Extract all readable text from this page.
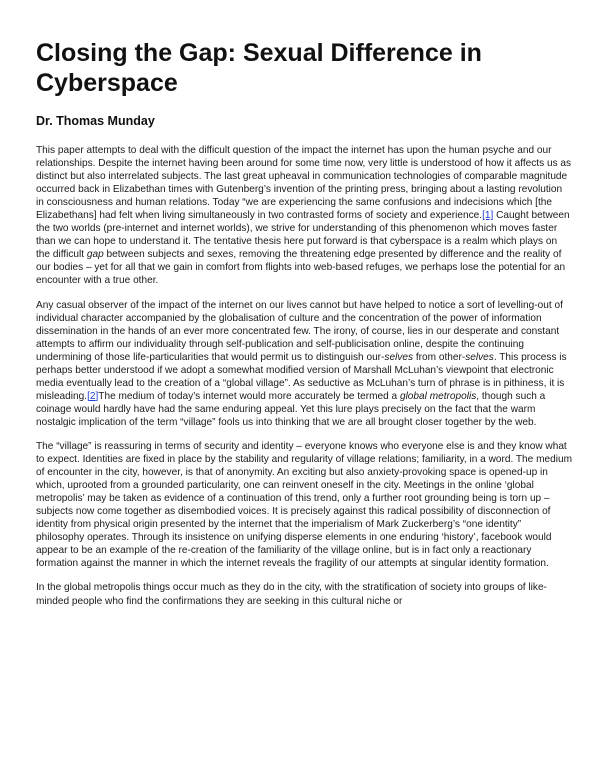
Closing the Gap: Sexual Difference in Cyberspace
Dr. Thomas Munday

This paper attempts to deal with the difficult question of the impact the internet has upon the human psyche and our relationships. Despite the internet having been around for some time now, very little is understood of how it affects us as distinct but also interrelated subjects. The last great upheaval in communication technologies of comparable magnitude occurred back in Elizabethan times with Gutenberg’s invention of the printing press, bringing about a lasting revolution in consciousness and human relations. Today “we are experiencing the same confusions and indecisions which [the Elizabethans] had felt when living simultaneously in two contrasted forms of society and experience.[1] Caught between the two worlds (pre-internet and internet worlds), we strive for understanding of this phenomenon which moves faster than we can hope to understand it. The tentative thesis here put forward is that cyberspace is a realm which plays on the difficult gap between subjects and sexes, removing the threatening edge presented by difference and the reality of our bodies – yet for all that we gain in comfort from flights into web-based refuges, we perhaps lose the potential for an encounter with a true other.

Any casual observer of the impact of the internet on our lives cannot but have helped to notice a sort of levelling-out of individual character accompanied by the globalisation of culture and the concentration of the power of information dissemination in the hands of an ever more concentrated few. The irony, of course, lies in our desperate and constant attempts to affirm our individuality through self-publication and self-publicisation online, despite the continuing undermining of those life-particularities that would permit us to distinguish our-selves from other-selves. This process is perhaps better understood if we adopt a somewhat modified version of Marshall McLuhan’s viewpoint that electronic media eventually lead to the creation of a “global village”. As seductive as McLuhan’s turn of phrase is in pithiness, it is misleading.[2]The medium of today’s internet would more accurately be termed a global metropolis, though such a coinage would hardly have had the same enduring appeal. Yet this lure plays precisely on the fact that the warm nostalgic implication of the term “village” fools us into thinking that we are all brought closer together by the web.

The “village” is reassuring in terms of security and identity – everyone knows who everyone else is and they know what to expect. Identities are fixed in place by the stability and regularity of village relations; familiarity, in a word. The medium of encounter in the city, however, is that of anonymity. An exciting but also anxiety-provoking space is opened-up in which, uprooted from a grounded particularity, one can reinvent oneself in the city. Meetings in the online ‘global metropolis’ may be taken as evidence of a continuation of this trend, only a further root grounding being is torn up – subjects now come together as disembodied voices. It is precisely against this radical possibility of disconnection of identity from physical origin presented by the internet that the imperialism of Mark Zuckerberg’s “one identity” philosophy operates. Through its insistence on unifying disperse elements in one enduring ‘history’, facebook would appear to be an example of the re-creation of the familiarity of the village online, but is in fact only a reactionary formation against the manner in which the internet reveals the fragility of our attempts at singular identity formation.

In the global metropolis things occur much as they do in the city, with the stratification of society into groups of like-minded people who find the confirmations they are seeking in this cultural niche or
